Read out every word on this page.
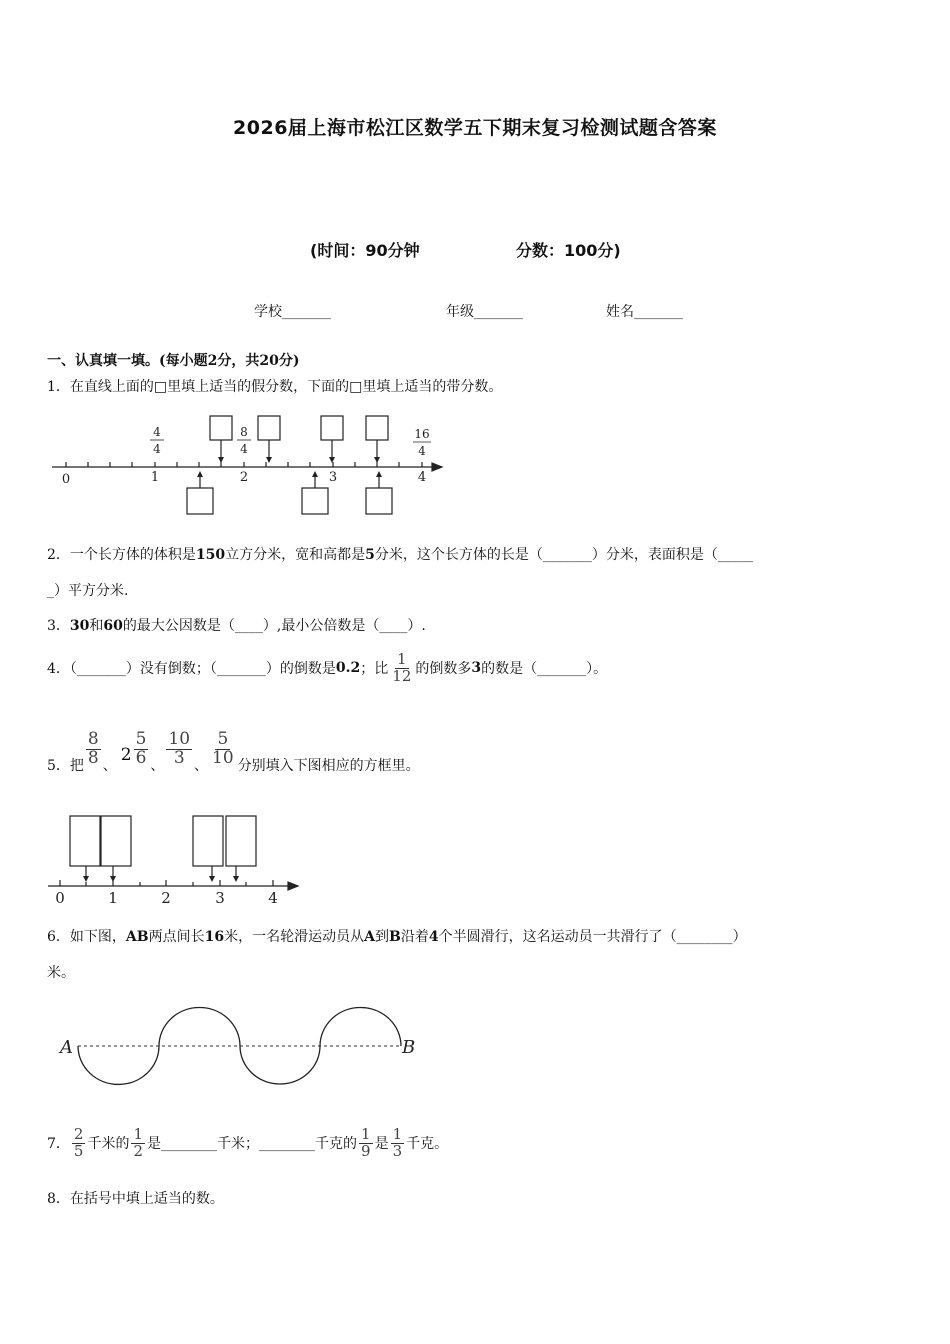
2026届上海市松江区数学五下期末复习检测试题含答案
(时间：90分钟	分数：100分)
学校_______	年级_______	姓名_______
一、认真填一填。(每小题2分，共20分)
1．在直线上面的□里填上适当的假分数，下面的□里填上适当的带分数。
0	1	2	3	4
4
4
8
4
16
4
2．一个长方体的体积是150立方分米，宽和高都是5分米，这个长方体的长是（_______）分米，表面积是（_____
_）平方分米.
3．30和60的最大公因数是（____）,最小公倍数是（____）.
4．（_______）没有倒数；（_______）的倒数是 0.2 ；比 $\frac{1}{12}$ 的倒数多 3 的数是（_______）。
5．把 $\frac{8}{8}$ 、
$2 \frac{5}{6}$ 、 $\frac{10}{3}$ 、 $\frac{5}{10}$ 分别填入下图相应的方框里。
0	1	2	3	4
6．如下图，AB两点间长16米，一名轮滑运动员从A到B沿着4个半圆滑行，这名运动员一共滑行了（________）
米。
A	B
7． $\frac{2}{5}$ 千米的 $\frac{1}{2}$ 是________千米；________千克的 $\frac{1}{9}$ 是 $\frac{1}{3}$ 千克。
8．在括号中填上适当的数。
